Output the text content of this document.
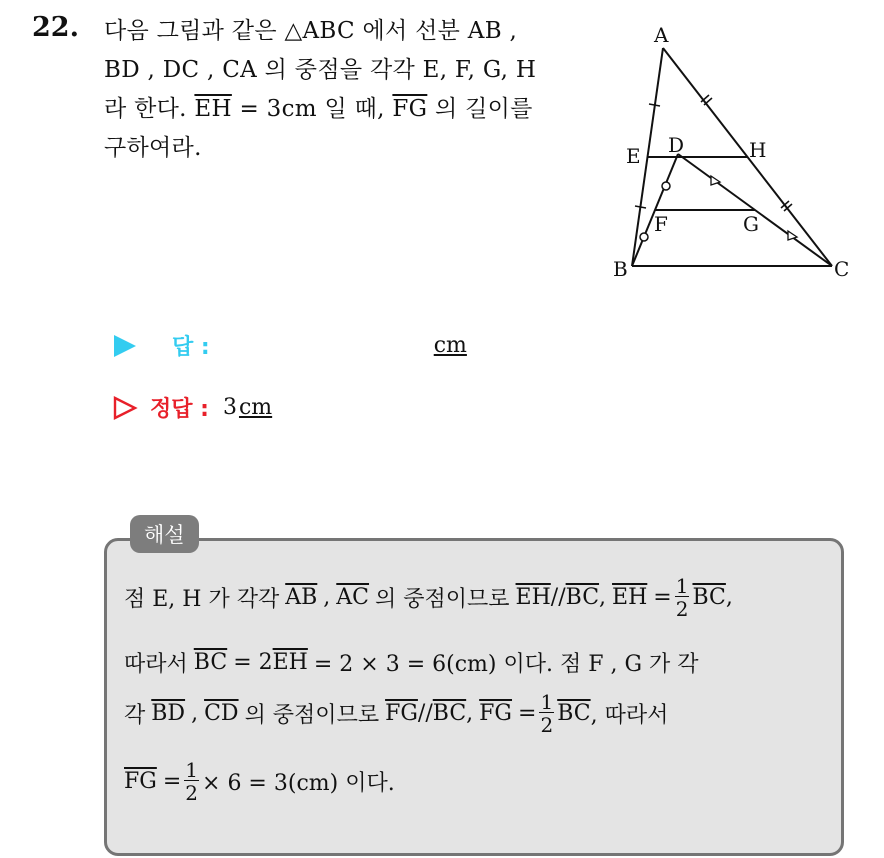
22. 다음 그림과 같은 △ABC 에서 선분 AB ,
BD , DC , CA 의 중점을 각각 E, F, G, H
라 한다. $\overline{EH} = 3cm$ 일 때, $\overline{FG}$ 의 길이를
구하여라.
A
B	C
D
E
F	G
H
답 :	cm
정답 : 3 cm
해설
점 E, H 가 각각 $\overline{AB}$ , $\overline{AC}$ 의 중점이므로 $\overline{EH} // \overline{BC}$ , $\overline{EH} = \frac{1}{2} \overline{BC}$ ,
따라서 $\overline{BC} = 2$ $\overline{EH} = 2 \times 3 = 6(cm)$ 이다. 점 F , G 가 각
각 $\overline{BD}$ , $\overline{CD}$ 의 중점이므로 $\overline{FG} // \overline{BC}$ , $\overline{FG} = \frac{1}{2} \overline{BC}$ , 따라서
$\overline{FG} = \frac{1}{2} \times 6 = 3(cm)$ 이다.
